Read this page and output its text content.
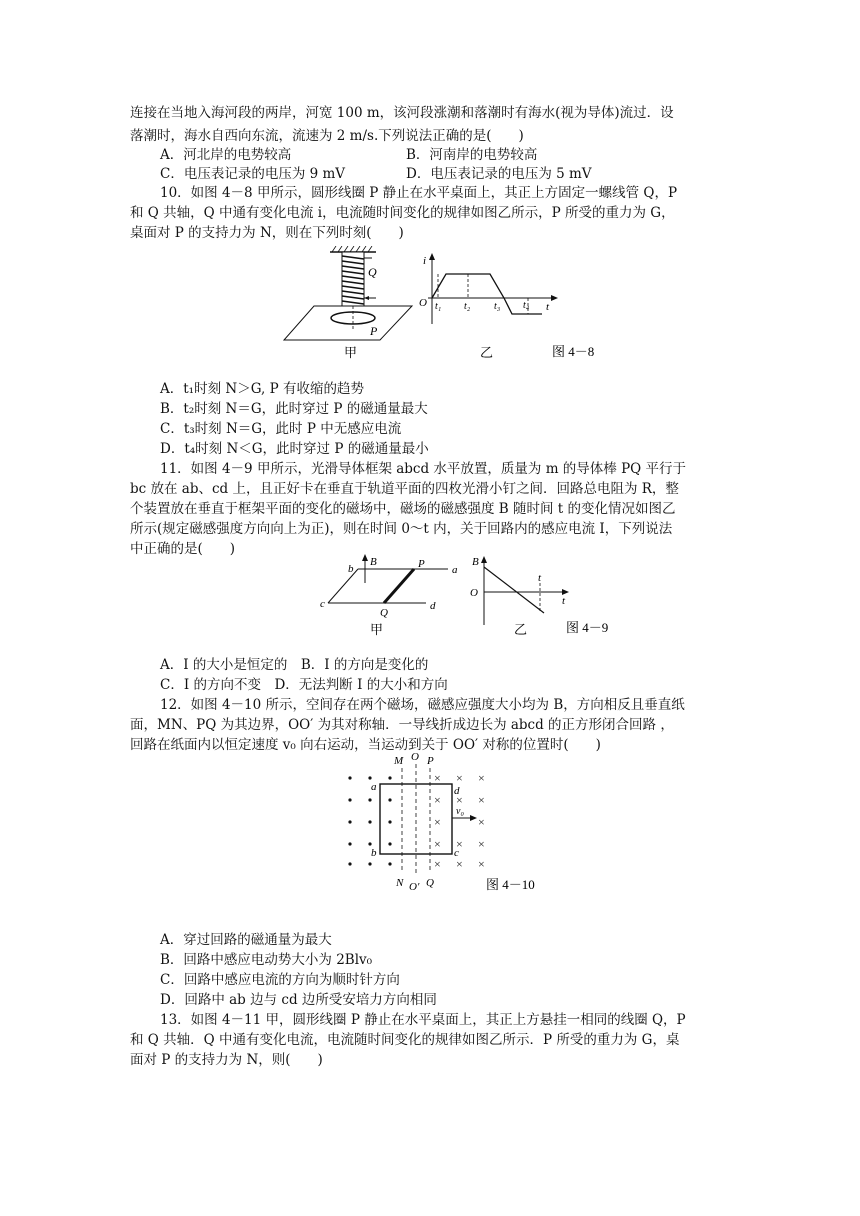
连接在当地入海河段的两岸，河宽 100 m，该河段涨潮和落潮时有海水(视为导体)流过．设
落潮时，海水自西向东流，流速为 2 m/s.下列说法正确的是(　　)
A．河北岸的电势较高	B．河南岸的电势较高
C．电压表记录的电压为 9 mV	D．电压表记录的电压为 5 mV
10．如图 4－8 甲所示，圆形线圈 P 静止在水平桌面上，其正上方固定一螺线管 Q，P
和 Q 共轴，Q 中通有变化电流 i，电流随时间变化的规律如图乙所示，P 所受的重力为 G，
桌面对 P 的支持力为 N，则在下列时刻(　　)
Q
P
甲
i
O	t
t₁ t₂ t₃ t₄
乙	图 4－8
A．t₁时刻 N＞G, P 有收缩的趋势
B．t₂时刻 N＝G，此时穿过 P 的磁通量最大
C．t₃时刻 N＝G，此时 P 中无感应电流
D．t₄时刻 N＜G，此时穿过 P 的磁通量最小
11．如图 4－9 甲所示，光滑导体框架 abcd 水平放置，质量为 m 的导体棒 PQ 平行于
bc 放在 ab、cd 上，且正好卡在垂直于轨道平面的四枚光滑小钉之间．回路总电阻为 R，整
个装置放在垂直于框架平面的变化的磁场中，磁场的磁感强度 B 随时间 t 的变化情况如图乙
所示(规定磁感强度方向向上为正)，则在时间 0～t 内，关于回路内的感应电流 I，下列说法
中正确的是(　　)
B
b	a
P
c	d
Q
甲
B
O
t
t
乙	图 4－9
A．I 的大小是恒定的　B．I 的方向是变化的
C．I 的方向不变　D．无法判断 I 的大小和方向
12．如图 4－10 所示，空间存在两个磁场，磁感应强度大小均为 B，方向相反且垂直纸
面，MN、PQ 为其边界，OO′ 为其对称轴．一导线折成边长为 abcd 的正方形闭合回路 ，
回路在纸面内以恒定速度 v₀ 向右运动，当运动到关于 OO′ 对称的位置时(　　)
× × ×
× × ×
×	×
× × ×
× × ×
v₀
M O P
a	d
b	c
N O′ Q	图 4－10
A．穿过回路的磁通量为最大
B．回路中感应电动势大小为 2Blv₀
C．回路中感应电流的方向为顺时针方向
D．回路中 ab 边与 cd 边所受安培力方向相同
13．如图 4－11 甲，圆形线圈 P 静止在水平桌面上，其正上方悬挂一相同的线圈 Q，P
和 Q 共轴．Q 中通有变化电流，电流随时间变化的规律如图乙所示．P 所受的重力为 G，桌
面对 P 的支持力为 N，则(　　)
